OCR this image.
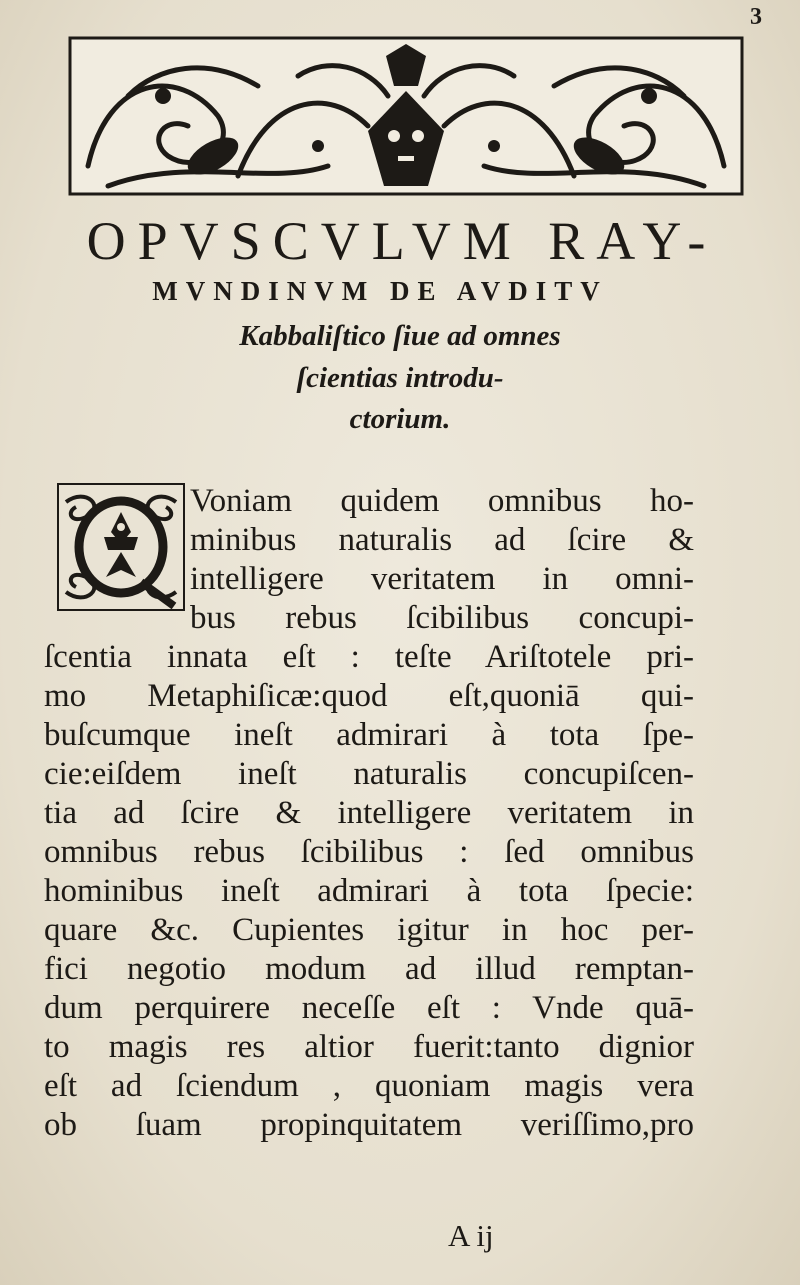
3
OPVSCVLVM RAY-
MVNDINVM DE AVDITV
Kabbaliſtico ſiue ad omnes
ſcientias introdu-
ctorium.
Voniam quidem omnibus ho-
minibus naturalis ad ſcire &
intelligere veritatem in omni-
bus rebus ſcibilibus concupi-
ſcentia innata eſt : teſte Ariſtotele pri-
mo Metaphiſicæ:quod eſt,quoniā qui-
buſcumque ineſt admirari à tota ſpe-
cie:eiſdem ineſt naturalis concupiſcen-
tia ad ſcire & intelligere veritatem in
omnibus rebus ſcibilibus : ſed omnibus
hominibus ineſt admirari à tota ſpecie:
quare &c. Cupientes igitur in hoc per-
fici negotio modum ad illud remptan-
dum perquirere neceſſe eſt : Vnde quā-
to magis res altior fuerit:tanto dignior
eſt ad ſciendum , quoniam magis vera
ob ſuam propinquitatem veriſſimo,pro
A ij
